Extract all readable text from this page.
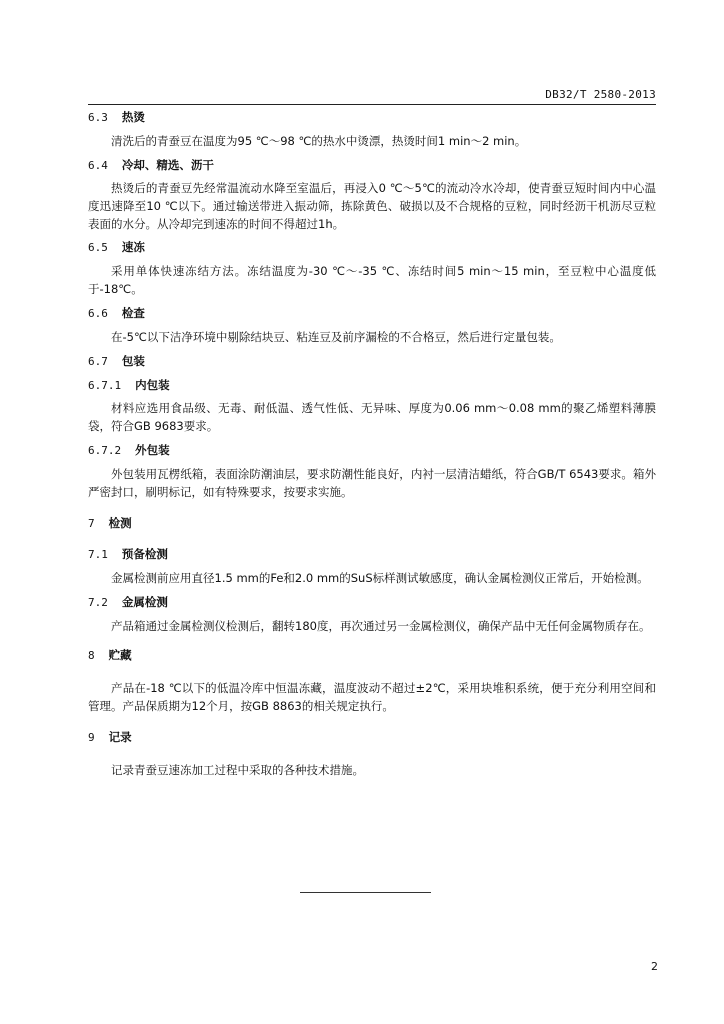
DB32/T 2580-2013
6.3 热烫

清洗后的青蚕豆在温度为95 ℃～98 ℃的热水中烫漂，热烫时间1 min～2 min。

6.4 冷却、精选、沥干

热烫后的青蚕豆先经常温流动水降至室温后，再浸入0 ℃～5℃的流动冷水冷却，使青蚕豆短时间内中心温度迅速降至10 ℃以下。通过输送带进入振动筛，拣除黄色、破损以及不合规格的豆粒，同时经沥干机沥尽豆粒表面的水分。从冷却完到速冻的时间不得超过1h。

6.5 速冻

采用单体快速冻结方法。冻结温度为-30 ℃～-35 ℃、冻结时间5 min～15 min，至豆粒中心温度低于-18℃。

6.6 检查

在-5℃以下洁净环境中剔除结块豆、粘连豆及前序漏检的不合格豆，然后进行定量包装。

6.7 包装
6.7.1 内包装

材料应选用食品级、无毒、耐低温、透气性低、无异味、厚度为0.06 mm～0.08 mm的聚乙烯塑料薄膜袋，符合GB 9683要求。

6.7.2 外包装

外包装用瓦楞纸箱，表面涂防潮油层，要求防潮性能良好，内衬一层清洁蜡纸，符合GB/T 6543要求。箱外严密封口，刷明标记，如有特殊要求，按要求实施。

7 检测
7.1 预备检测

金属检测前应用直径1.5 mm的Fe和2.0 mm的SuS标样测试敏感度，确认金属检测仪正常后，开始检测。

7.2 金属检测

产品箱通过金属检测仪检测后，翻转180度，再次通过另一金属检测仪，确保产品中无任何金属物质存在。

8 贮藏

产品在-18 ℃以下的低温冷库中恒温冻藏，温度波动不超过±2℃，采用块堆积系统，便于充分利用空间和管理。产品保质期为12个月，按GB 8863的相关规定执行。

9 记录

记录青蚕豆速冻加工过程中采取的各种技术措施。

2
